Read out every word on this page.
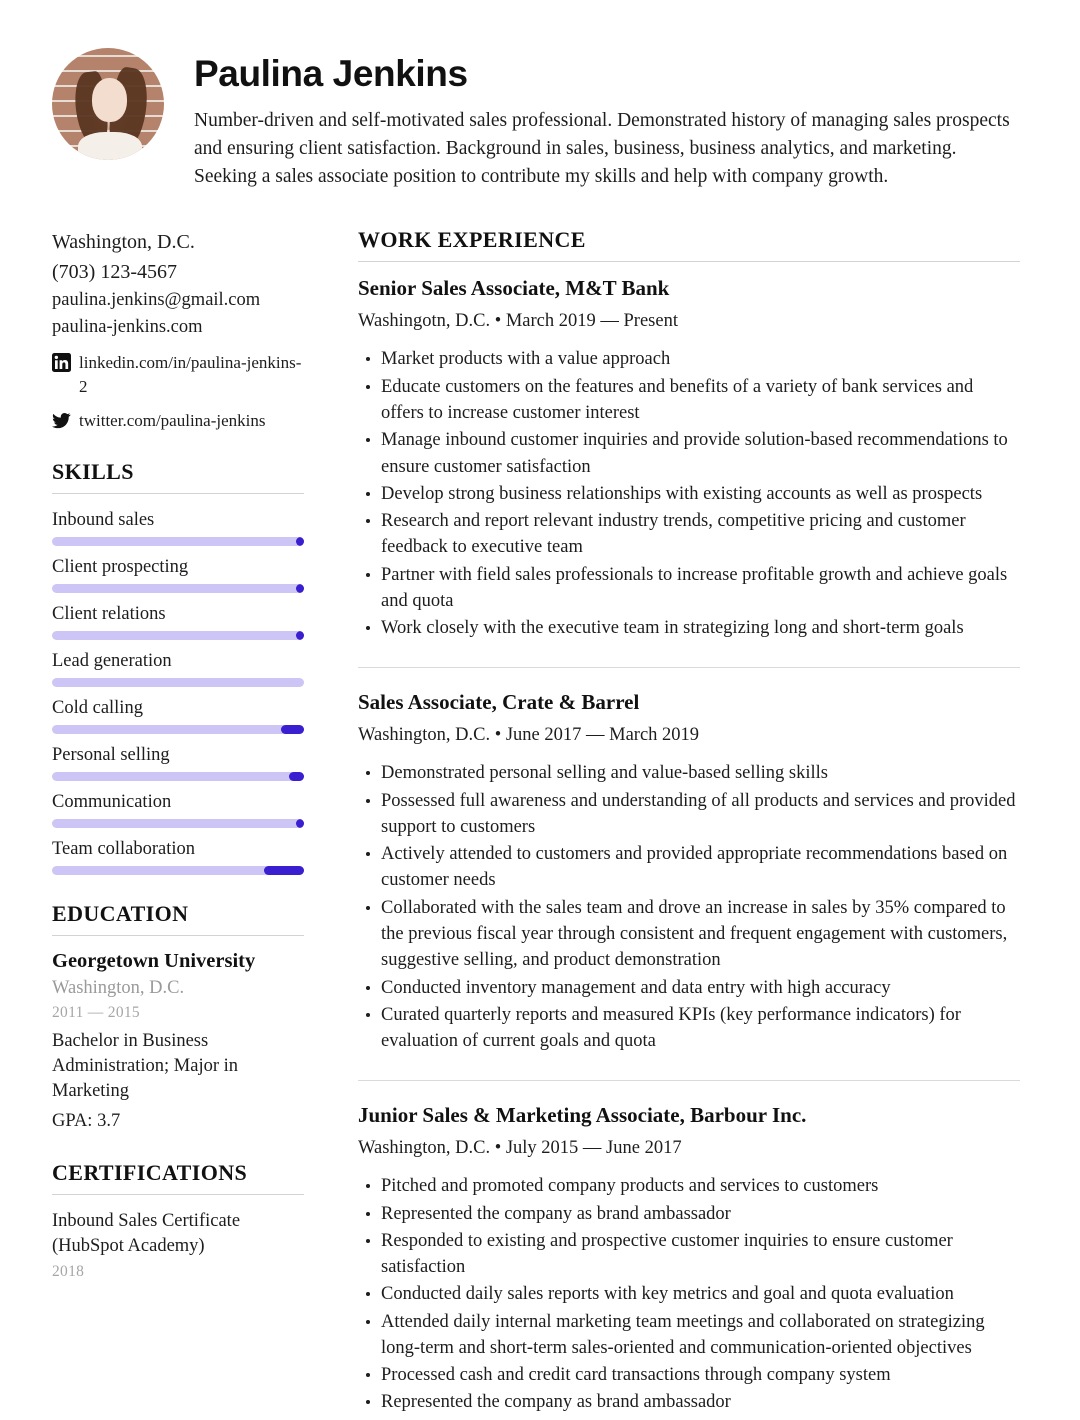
Paulina Jenkins

Number-driven and self-motivated sales professional. Demonstrated history of managing sales prospects and ensuring client satisfaction. Background in sales, business, business analytics, and marketing. Seeking a sales associate position to contribute my skills and help with company growth.

Washington, D.C.
(703) 123-4567
paulina.jenkins@gmail.com
paulina-jenkins.com
linkedin.com/in/paulina-jenkins-2
twitter.com/paulina-jenkins
SKILLS
Inbound sales
Client prospecting
Client relations
Lead generation
Cold calling
Personal selling
Communication
Team collaboration
EDUCATION
Georgetown University
Washington, D.C.
2011 — 2015
Bachelor in Business Administration; Major in Marketing
GPA: 3.7
CERTIFICATIONS
Inbound Sales Certificate (HubSpot Academy)
2018
WORK EXPERIENCE
Senior Sales Associate, M&T Bank
Washingotn, D.C. • March 2019 — Present
Market products with a value approach
Educate customers on the features and benefits of a variety of bank services and offers to increase customer interest
Manage inbound customer inquiries and provide solution-based recommendations to ensure customer satisfaction
Develop strong business relationships with existing accounts as well as prospects
Research and report relevant industry trends, competitive pricing and customer feedback to executive team
Partner with field sales professionals to increase profitable growth and achieve goals and quota
Work closely with the executive team in strategizing long and short-term goals
Sales Associate, Crate & Barrel
Washington, D.C. • June 2017 — March 2019
Demonstrated personal selling and value-based selling skills
Possessed full awareness and understanding of all products and services and provided support to customers
Actively attended to customers and provided appropriate recommendations based on customer needs
Collaborated with the sales team and drove an increase in sales by 35% compared to the previous fiscal year through consistent and frequent engagement with customers, suggestive selling, and product demonstration
Conducted inventory management and data entry with high accuracy
Curated quarterly reports and measured KPIs (key performance indicators) for evaluation of current goals and quota
Junior Sales & Marketing Associate, Barbour Inc.
Washington, D.C. • July 2015 — June 2017
Pitched and promoted company products and services to customers
Represented the company as brand ambassador
Responded to existing and prospective customer inquiries to ensure customer satisfaction
Conducted daily sales reports with key metrics and goal and quota evaluation
Attended daily internal marketing team meetings and collaborated on strategizing long-term and short-term sales-oriented and communication-oriented objectives
Processed cash and credit card transactions through company system
Represented the company as brand ambassador
